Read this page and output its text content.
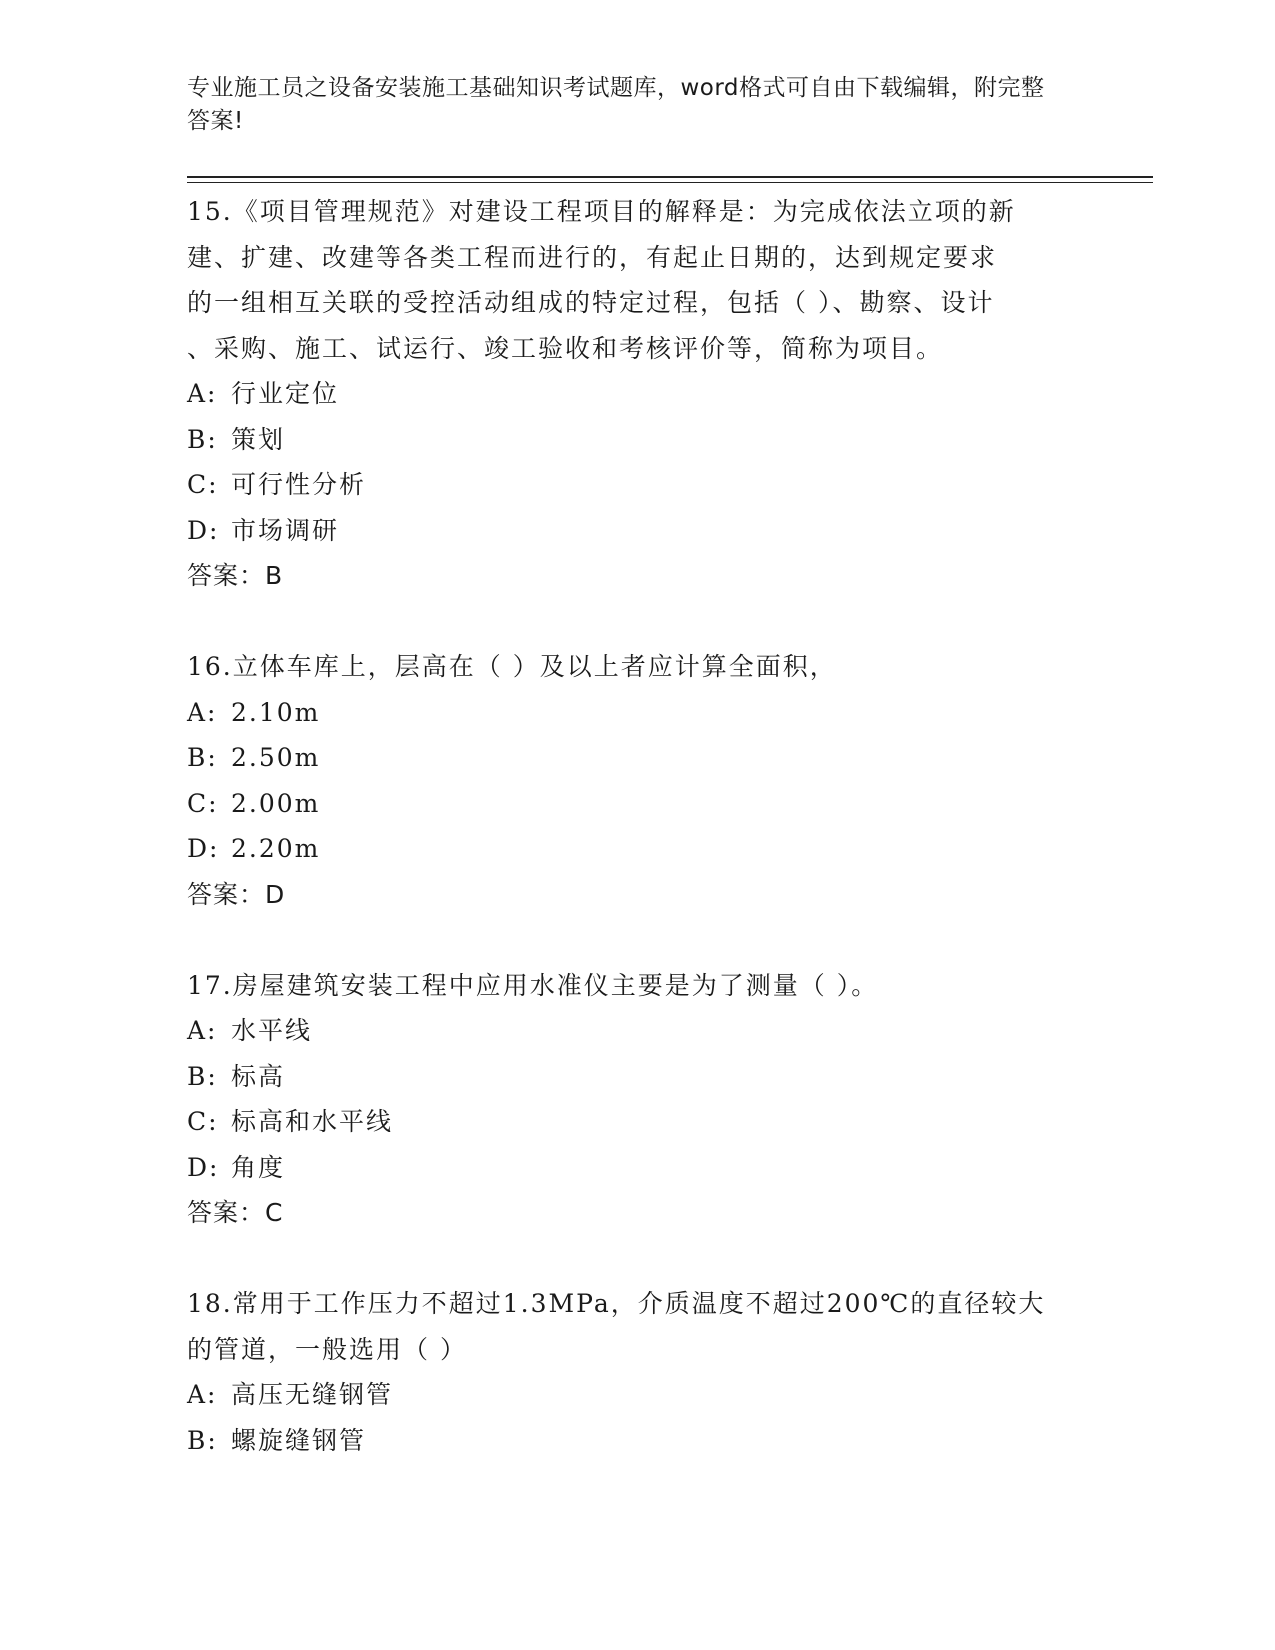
专业施工员之设备安装施工基础知识考试题库，word格式可自由下载编辑，附完整答案!

15.《项目管理规范》对建设工程项目的解释是：为完成依法立项的新

建、扩建、改建等各类工程而进行的，有起止日期的，达到规定要求

的一组相互关联的受控活动组成的特定过程，包括（ ）、勘察、设计

、采购、施工、试运行、竣工验收和考核评价等，简称为项目。

A: 行业定位

B: 策划

C: 可行性分析

D: 市场调研

答案：B

16.立体车库上，层高在（ ）及以上者应计算全面积，

A: 2.10m

B: 2.50m

C: 2.00m

D: 2.20m

答案：D

17.房屋建筑安装工程中应用水准仪主要是为了测量（ ）。

A: 水平线

B: 标高

C: 标高和水平线

D: 角度

答案：C

18.常用于工作压力不超过1.3MPa，介质温度不超过200℃的直径较大

的管道，一般选用（ ）

A: 高压无缝钢管

B: 螺旋缝钢管
